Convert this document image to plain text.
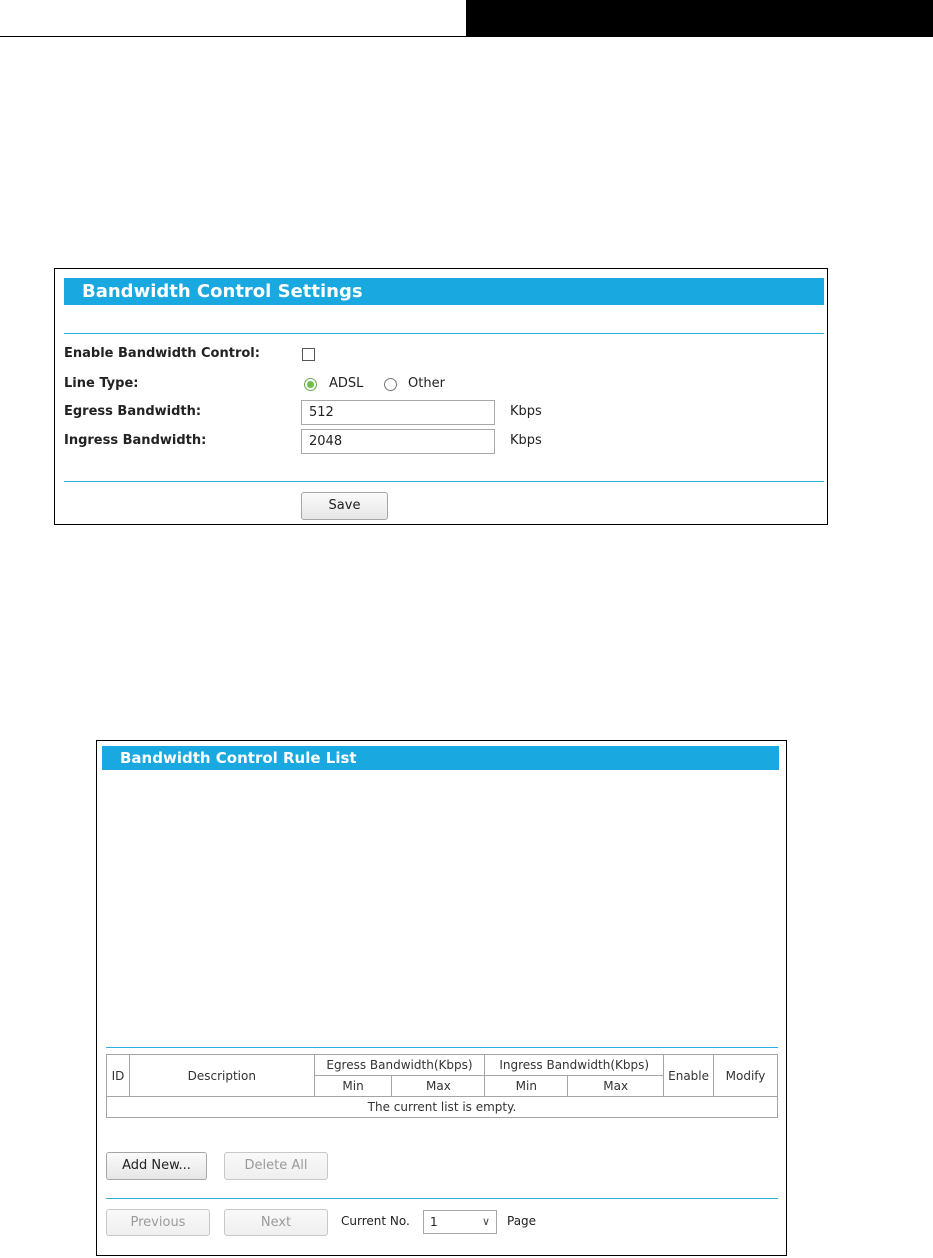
Bandwidth Control Settings
Enable Bandwidth Control:
Line Type:	ADSL	Other
Egress Bandwidth:	512	Kbps
Ingress Bandwidth:	2048	Kbps
Save
Bandwidth Control Rule List
ID	Description	Egress Bandwidth(Kbps)		Ingress Bandwidth(Kbps)		Enable	Modify
		Min	Max	Min	Max		
The current list is empty.							
Add New...	Delete All
Previous	Next	Current No.	1	∨ Page
